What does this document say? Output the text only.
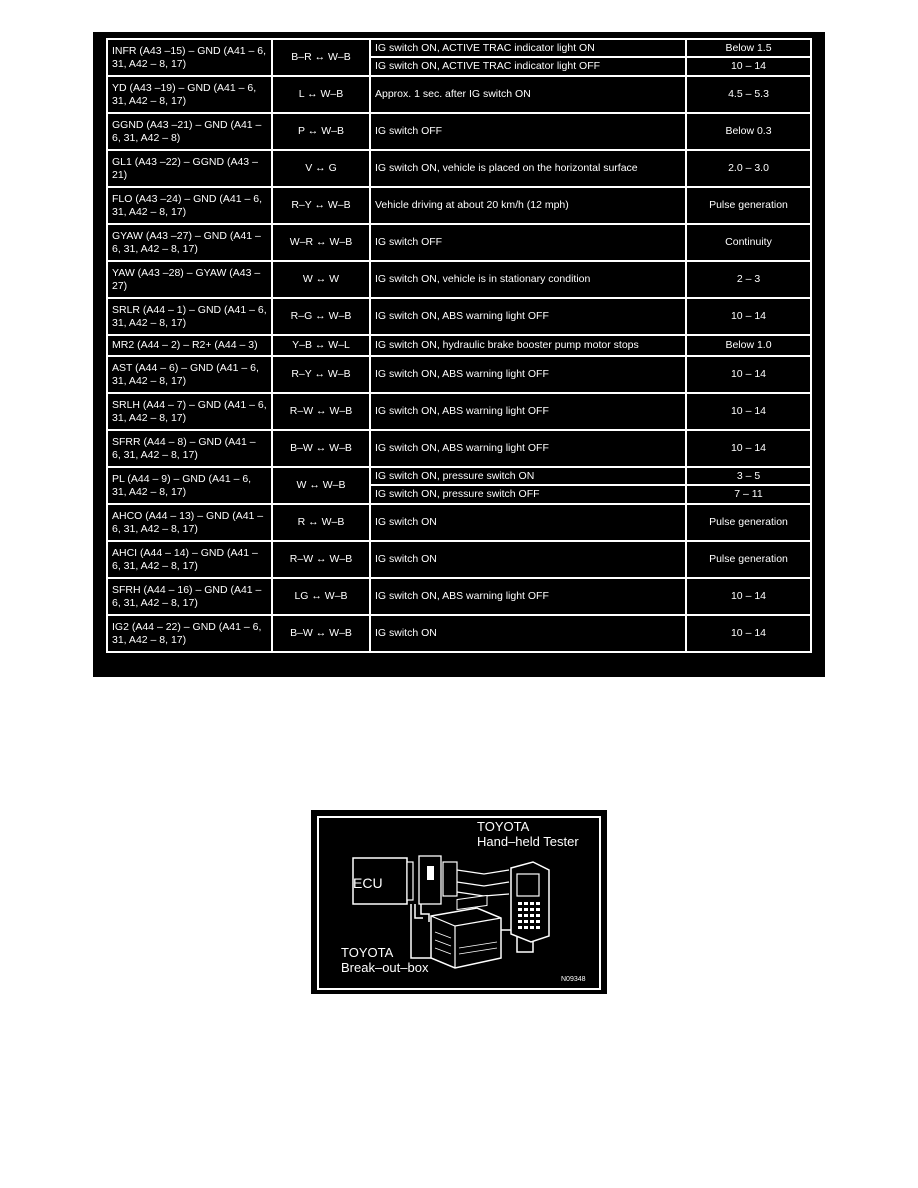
INFR (A43 –15) – GND (A41 – 6, 31, A42 – 8, 17)	B–R ↔ W–B	IG switch ON, ACTIVE TRAC indicator light ON	Below 1.5
		IG switch ON, ACTIVE TRAC indicator light OFF	10 – 14
YD (A43 –19) – GND (A41 – 6, 31, A42 – 8, 17)	L ↔ W–B	Approx. 1 sec. after IG switch ON	4.5 – 5.3
GGND (A43 –21) – GND (A41 – 6, 31, A42 – 8)	P ↔ W–B	IG switch OFF	Below 0.3
GL1 (A43 –22) – GGND (A43 –21)	V ↔ G	IG switch ON, vehicle is placed on the horizontal surface	2.0 – 3.0
FLO (A43 –24) – GND (A41 – 6, 31, A42 – 8, 17)	R–Y ↔ W–B	Vehicle driving at about 20 km/h (12 mph)	Pulse generation
GYAW (A43 –27) – GND (A41 – 6, 31, A42 – 8, 17)	W–R ↔ W–B	IG switch OFF	Continuity
YAW (A43 –28) – GYAW (A43 –27)	W ↔ W	IG switch ON, vehicle is in stationary condition	2 – 3
SRLR (A44 – 1) – GND (A41 – 6, 31, A42 – 8, 17)	R–G ↔ W–B	IG switch ON, ABS warning light OFF	10 – 14
MR2 (A44 – 2) – R2+ (A44 – 3)	Y–B ↔ W–L	IG switch ON, hydraulic brake booster pump motor stops	Below 1.0
AST (A44 – 6) – GND (A41 – 6, 31, A42 – 8, 17)	R–Y ↔ W–B	IG switch ON, ABS warning light OFF	10 – 14
SRLH (A44 – 7) – GND (A41 – 6, 31, A42 – 8, 17)	R–W ↔ W–B	IG switch ON, ABS warning light OFF	10 – 14
SFRR (A44 – 8) – GND (A41 – 6, 31, A42 – 8, 17)	B–W ↔ W–B	IG switch ON, ABS warning light OFF	10 – 14
PL (A44 – 9) – GND (A41 – 6, 31, A42 – 8, 17)	W ↔ W–B	IG switch ON, pressure switch ON	3 – 5
		IG switch ON, pressure switch OFF	7 – 11
AHCO (A44 – 13) – GND (A41 – 6, 31, A42 – 8, 17)	R ↔ W–B	IG switch ON	Pulse generation
AHCI (A44 – 14) – GND (A41 – 6, 31, A42 – 8, 17)	R–W ↔ W–B	IG switch ON	Pulse generation
SFRH (A44 – 16) – GND (A41 – 6, 31, A42 – 8, 17)	LG ↔ W–B	IG switch ON, ABS warning light OFF	10 – 14
IG2 (A44 – 22) – GND (A41 – 6, 31, A42 – 8, 17)	B–W ↔ W–B	IG switch ON	10 – 14
ECU
TOYOTA
Hand–held Tester
TOYOTA
Break–out–box
N09348
